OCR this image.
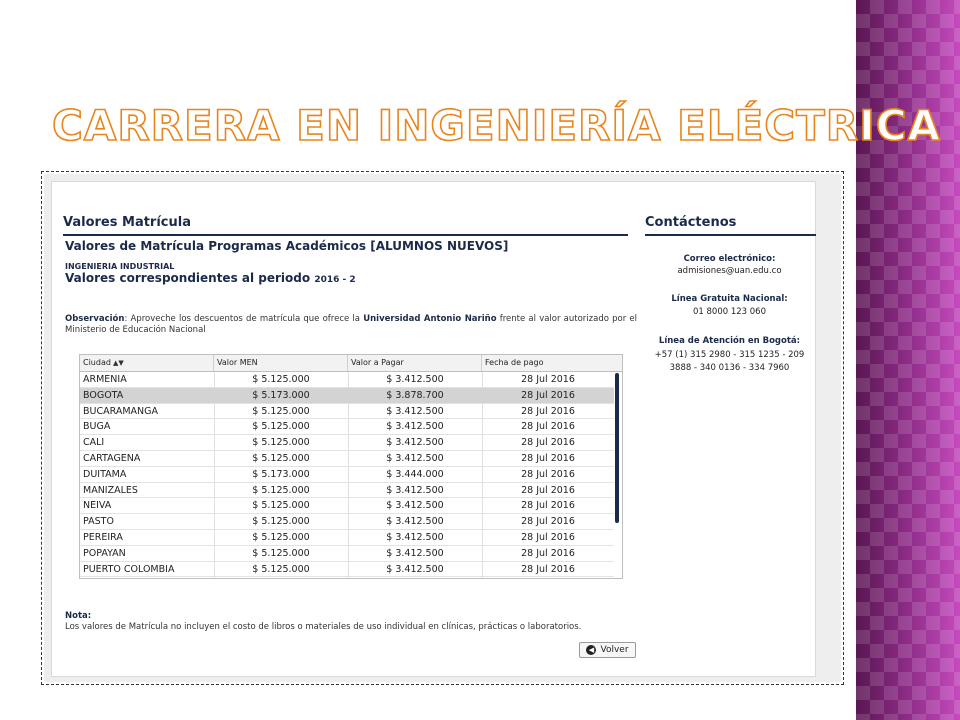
CARRERA EN INGENIERÍA ELÉCTRICA
Valores Matrícula
Valores de Matrícula Programas Académicos [ALUMNOS NUEVOS]
INGENIERIA INDUSTRIAL
Valores correspondientes al periodo 2016 - 2
Observación: Aproveche los descuentos de matrícula que ofrece la Universidad Antonio Nariño frente al valor autorizado por el Ministerio de Educación Nacional
Ciudad ▲▼	Valor MEN	Valor a Pagar	Fecha de pago
ARMENIA	$ 5.125.000	$ 3.412.500	28 Jul 2016
BOGOTA	$ 5.173.000	$ 3.878.700	28 Jul 2016
BUCARAMANGA	$ 5.125.000	$ 3.412.500	28 Jul 2016
BUGA	$ 5.125.000	$ 3.412.500	28 Jul 2016
CALI	$ 5.125.000	$ 3.412.500	28 Jul 2016
CARTAGENA	$ 5.125.000	$ 3.412.500	28 Jul 2016
DUITAMA	$ 5.173.000	$ 3.444.000	28 Jul 2016
MANIZALES	$ 5.125.000	$ 3.412.500	28 Jul 2016
NEIVA	$ 5.125.000	$ 3.412.500	28 Jul 2016
PASTO	$ 5.125.000	$ 3.412.500	28 Jul 2016
PEREIRA	$ 5.125.000	$ 3.412.500	28 Jul 2016
POPAYAN	$ 5.125.000	$ 3.412.500	28 Jul 2016
PUERTO COLOMBIA	$ 5.125.000	$ 3.412.500	28 Jul 2016
Nota:
Los valores de Matrícula no incluyen el costo de libros o materiales de uso individual en clínicas, prácticas o laboratorios.
◀ Volver
Contáctenos
Correo electrónico:
admisiones@uan.edu.co
Línea Gratuita Nacional:
01 8000 123 060
Línea de Atención en Bogotá:
+57 (1) 315 2980 - 315 1235 - 209
3888 - 340 0136 - 334 7960
